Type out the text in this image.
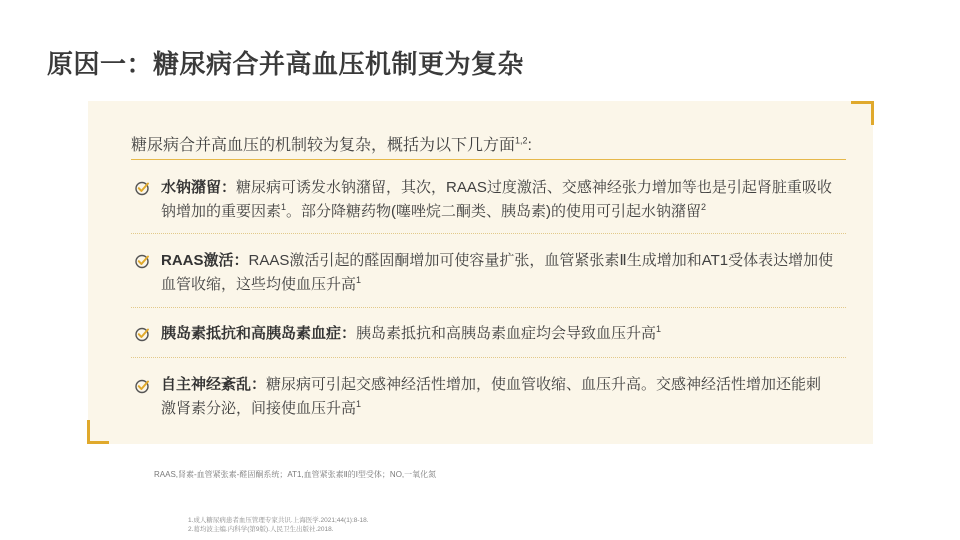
原因一：糖尿病合并高血压机制更为复杂
糖尿病合并高血压的机制较为复杂，概括为以下几方面$^{1,2}$:
水钠潴留：糖尿病可诱发水钠潴留，其次，RAAS过度激活、交感神经张力增加等也是引起肾脏重吸收钠增加的重要因素$^1$。部分降糖药物(噻唑烷二酮类、胰岛素)的使用可引起水钠潴留$^2$
RAAS激活：RAAS激活引起的醛固酮增加可使容量扩张，血管紧张素Ⅱ生成增加和AT1受体表达增加使血管收缩，这些均使血压升高$^1$
胰岛素抵抗和高胰岛素血症：胰岛素抵抗和高胰岛素血症均会导致血压升高$^1$
自主神经紊乱：糖尿病可引起交感神经活性增加，使血管收缩、血压升高。交感神经活性增加还能刺激肾素分泌，间接使血压升高$^1$
RAAS,肾素-血管紧张素-醛固酮系统；AT1,血管紧张素Ⅱ的Ⅰ型受体；NO,一氧化氮
1.成人糖尿病患者血压管理专家共识.上海医学.2021;44(1):8-18.
2.葛均波主编.内科学(第9版).人民卫生出版社.2018.
